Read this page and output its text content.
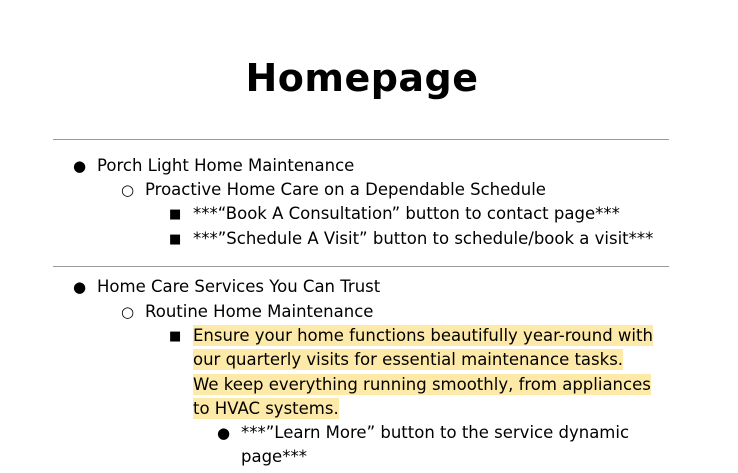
Homepage
● Porch Light Home Maintenance
○ Proactive Home Care on a Dependable Schedule
■ ***“Book A Consultation” button to contact page***
■ ***”Schedule A Visit” button to schedule/book a visit***
● Home Care Services You Can Trust
○ Routine Home Maintenance
■ Ensure your home functions beautifully year-round with our quarterly visits for essential maintenance tasks. We keep everything running smoothly, from appliances to HVAC systems.
● ***”Learn More” button to the service dynamic page***
